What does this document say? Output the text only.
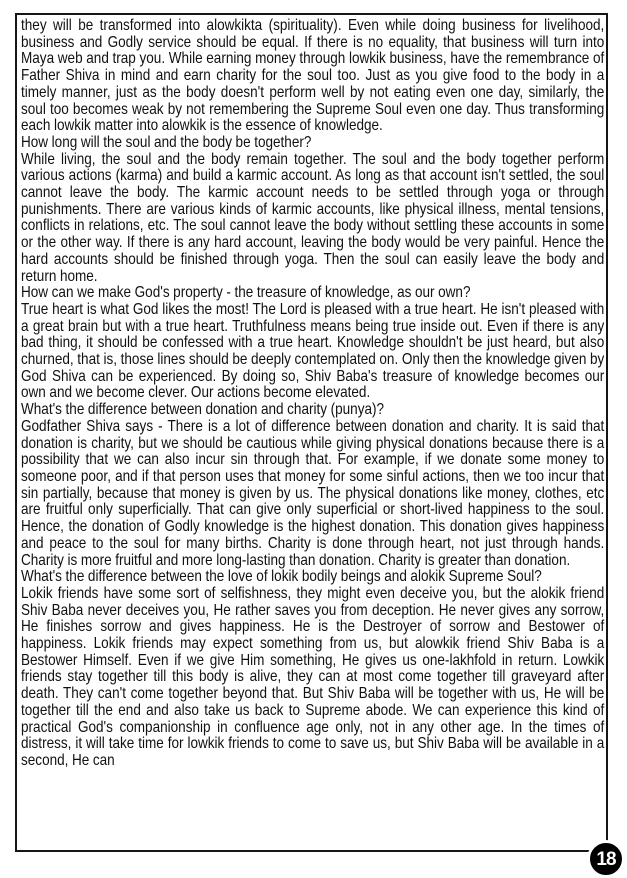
they will be transformed into alowkikta (spirituality). Even while doing business for livelihood, business and Godly service should be equal. If there is no equality, that business will turn into Maya web and trap you. While earning money through lowkik business, have the remembrance of Father Shiva in mind and earn charity for the soul too. Just as you give food to the body in a timely manner, just as the body doesn't perform well by not eating even one day, similarly, the soul too becomes weak by not remembering the Supreme Soul even one day. Thus transforming each lowkik matter into alowkik is the essence of knowledge.

How long will the soul and the body be together?

While living, the soul and the body remain together. The soul and the body together perform various actions (karma) and build a karmic account. As long as that account isn't settled, the soul cannot leave the body. The karmic account needs to be settled through yoga or through punishments. There are various kinds of karmic accounts, like physical illness, mental tensions, conflicts in relations, etc. The soul cannot leave the body without settling these accounts in some or the other way. If there is any hard account, leaving the body would be very painful. Hence the hard accounts should be finished through yoga. Then the soul can easily leave the body and return home.

How can we make God's property - the treasure of knowledge, as our own?

True heart is what God likes the most! The Lord is pleased with a true heart. He isn't pleased with a great brain but with a true heart. Truthfulness means being true inside out. Even if there is any bad thing, it should be confessed with a true heart. Knowledge shouldn't be just heard, but also churned, that is, those lines should be deeply contemplated on. Only then the knowledge given by God Shiva can be experienced. By doing so, Shiv Baba's treasure of knowledge becomes our own and we become clever. Our actions become elevated.

What's the difference between donation and charity (punya)?

Godfather Shiva says - There is a lot of difference between donation and charity. It is said that donation is charity, but we should be cautious while giving physical donations because there is a possibility that we can also incur sin through that. For example, if we donate some money to someone poor, and if that person uses that money for some sinful actions, then we too incur that sin partially, because that money is given by us. The physical donations like money, clothes, etc are fruitful only superficially. That can give only superficial or short-lived happiness to the soul. Hence, the donation of Godly knowledge is the highest donation. This donation gives happiness and peace to the soul for many births. Charity is done through heart, not just through hands. Charity is more fruitful and more long-lasting than donation. Charity is greater than donation.

What's the difference between the love of lokik bodily beings and alokik Supreme Soul?

Lokik friends have some sort of selfishness, they might even deceive you, but the alokik friend Shiv Baba never deceives you, He rather saves you from deception. He never gives any sorrow, He finishes sorrow and gives happiness. He is the Destroyer of sorrow and Bestower of happiness. Lokik friends may expect something from us, but alowkik friend Shiv Baba is a Bestower Himself. Even if we give Him something, He gives us one-lakhfold in return. Lowkik friends stay together till this body is alive, they can at most come together till graveyard after death. They can't come together beyond that. But Shiv Baba will be together with us, He will be together till the end and also take us back to Supreme abode. We can experience this kind of practical God's companionship in confluence age only, not in any other age. In the times of distress, it will take time for lowkik friends to come to save us, but Shiv Baba will be available in a second, He can

18
